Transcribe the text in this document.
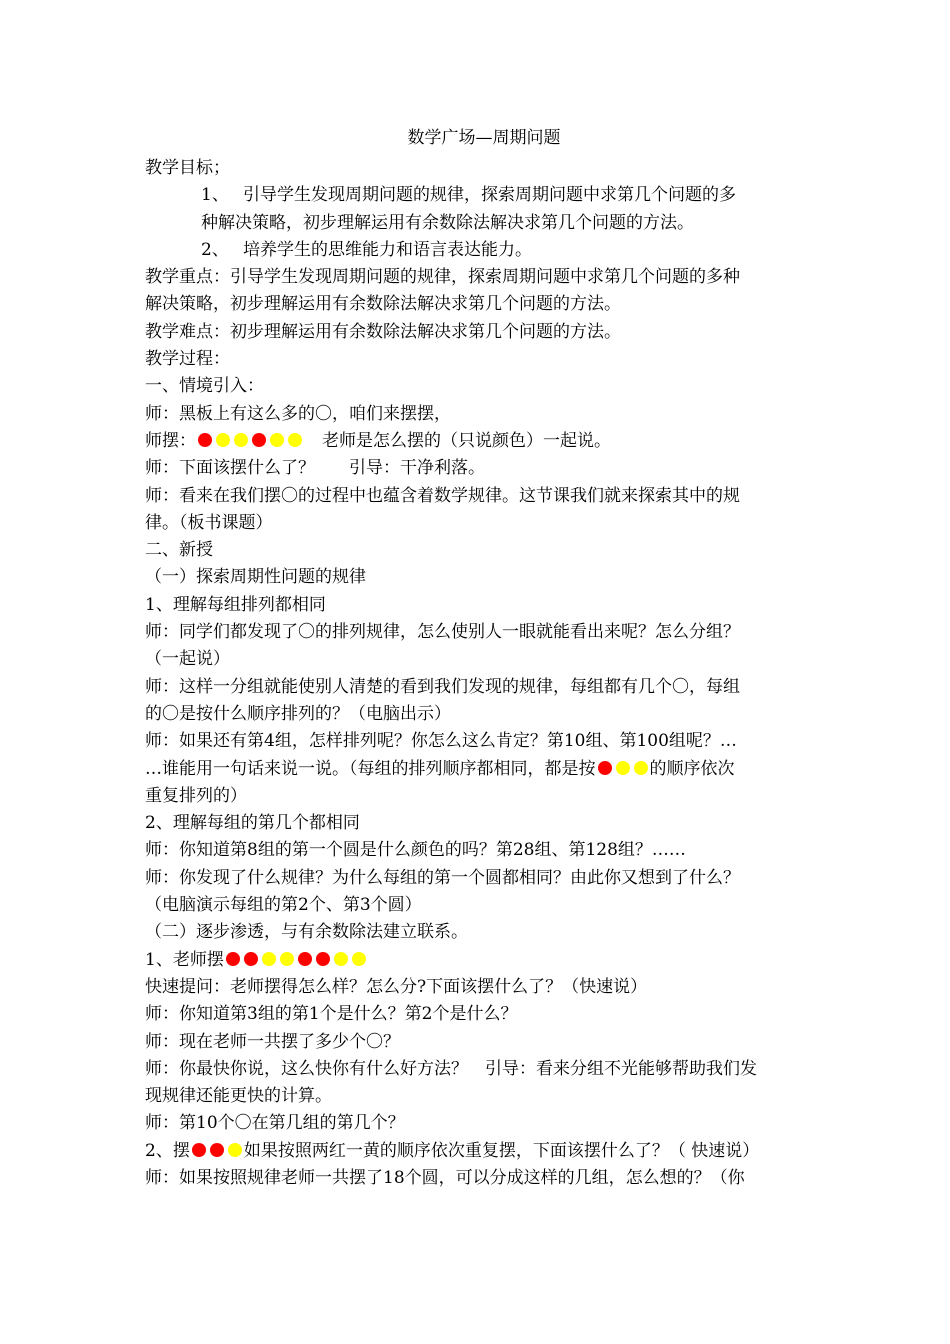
数学广场—周期问题
教学目标；
1、 引导学生发现周期问题的规律，探索周期问题中求第几个问题的多
种解决策略，初步理解运用有余数除法解决求第几个问题的方法。
2、 培养学生的思维能力和语言表达能力。
教学重点：引导学生发现周期问题的规律，探索周期问题中求第几个问题的多种
解决策略，初步理解运用有余数除法解决求第几个问题的方法。
教学难点：初步理解运用有余数除法解决求第几个问题的方法。
教学过程：
一、情境引入：
师：黑板上有这么多的〇，咱们来摆摆，
师摆：	老师是怎么摆的（只说颜色）一起说。
师：下面该摆什么了？　　引导：干净利落。
师：看来在我们摆〇的过程中也蕴含着数学规律。这节课我们就来探索其中的规
律。（板书课题）
二、新授
（一）探索周期性问题的规律
1、理解每组排列都相同
师：同学们都发现了〇的排列规律，怎么使别人一眼就能看出来呢？怎么分组？
（一起说）
师：这样一分组就能使别人清楚的看到我们发现的规律，每组都有几个〇，每组
的〇是按什么顺序排列的？（电脑出示）
师：如果还有第4组，怎样排列呢？你怎么这么肯定？第10组、第100组呢？…
…谁能用一句话来说一说。（每组的排列顺序都相同，都是按	的顺序依次
重复排列的）
2、理解每组的第几个都相同
师：你知道第8组的第一个圆是什么颜色的吗？第28组、第128组？……
师：你发现了什么规律？为什么每组的第一个圆都相同？由此你又想到了什么？
（电脑演示每组的第2个、第3个圆）
（二）逐步渗透，与有余数除法建立联系。
1、老师摆
快速提问：老师摆得怎么样？怎么分?下面该摆什么了？（快速说）
师：你知道第3组的第1个是什么？第2个是什么？
师：现在老师一共摆了多少个〇？
师：你最快你说，这么快你有什么好方法？　引导：看来分组不光能够帮助我们发
现规律还能更快的计算。
师：第10个〇在第几组的第几个？
2、摆	如果按照两红一黄的顺序依次重复摆，下面该摆什么了？（ 快速说）
师：如果按照规律老师一共摆了18个圆，可以分成这样的几组，怎么想的？（你
